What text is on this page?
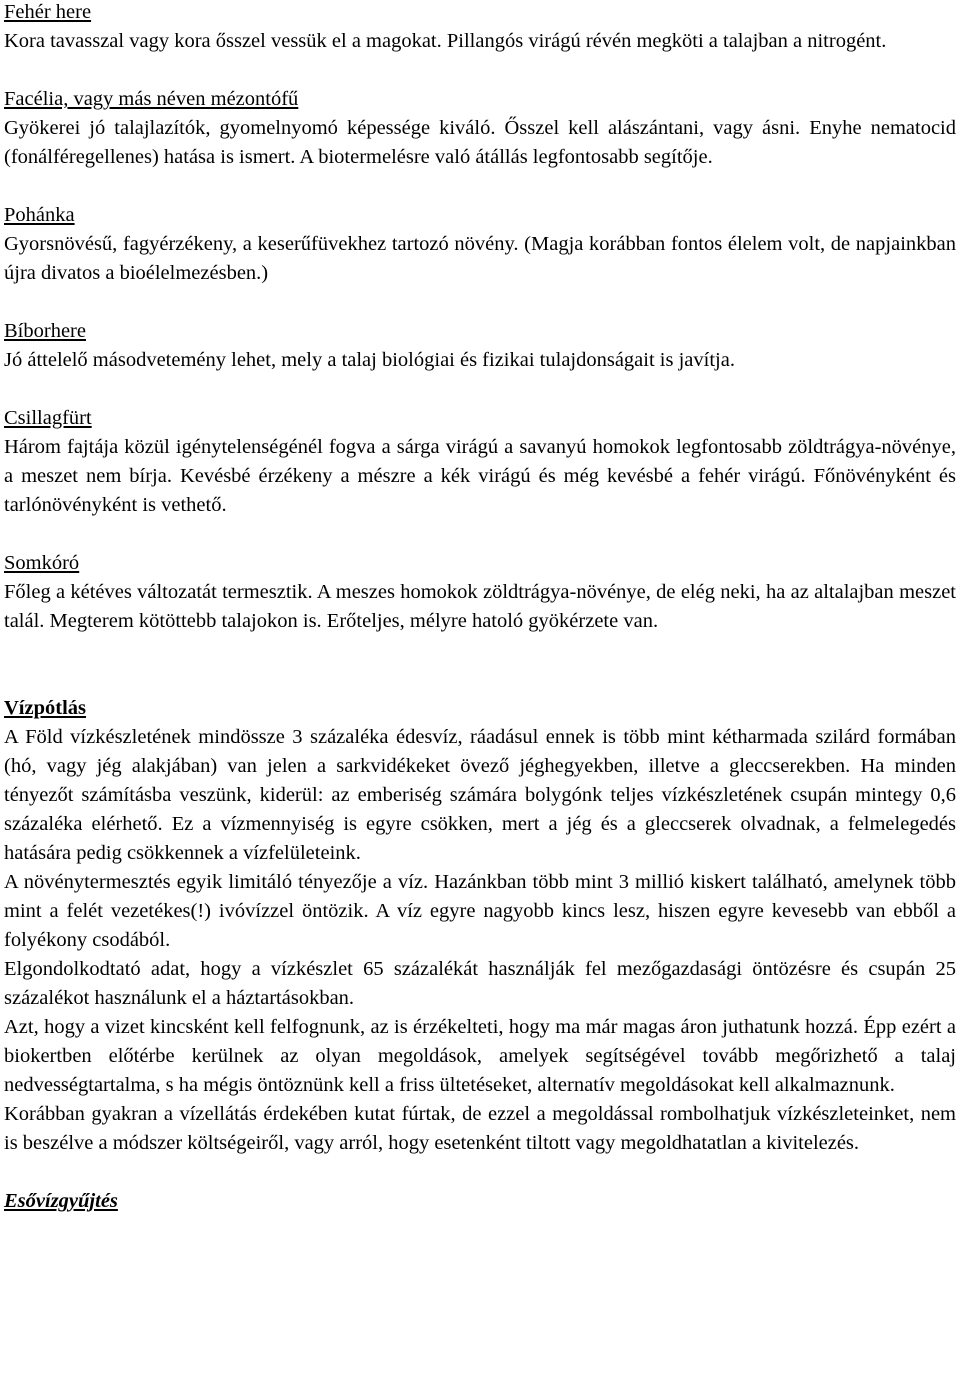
Fehér here

Kora tavasszal vagy kora ősszel vessük el a magokat. Pillangós virágú révén megköti a talajban a nitrogént.

Facélia, vagy más néven mézontófű

Gyökerei jó talajlazítók, gyomelnyomó képessége kiváló. Ősszel kell alászántani, vagy ásni. Enyhe nematocid (fonálféregellenes) hatása is ismert. A biotermelésre való átállás legfontosabb segítője.

Pohánka

Gyorsnövésű, fagyérzékeny, a keserűfüvekhez tartozó növény. (Magja korábban fontos élelem volt, de napjainkban újra divatos a bioélelmezésben.)

Bíborhere

Jó áttelelő másodvetemény lehet, mely a talaj biológiai és fizikai tulajdonságait is javítja.

Csillagfürt

Három fajtája közül igénytelenségénél fogva a sárga virágú a savanyú homokok legfontosabb zöldtrágya-növénye, a meszet nem bírja. Kevésbé érzékeny a mészre a kék virágú és még kevésbé a fehér virágú. Főnövényként és tarlónövényként is vethető.

Somkóró

Főleg a kétéves változatát termesztik. A meszes homokok zöldtrágya-növénye, de elég neki, ha az altalajban meszet talál. Megterem kötöttebb talajokon is. Erőteljes, mélyre hatoló gyökérzete van.

Vízpótlás

A Föld vízkészletének mindössze 3 százaléka édesvíz, ráadásul ennek is több mint kétharmada szilárd formában (hó, vagy jég alakjában) van jelen a sarkvidékeket övező jéghegyekben, illetve a gleccserekben. Ha minden tényezőt számításba veszünk, kiderül: az emberiség számára bolygónk teljes vízkészletének csupán mintegy 0,6 százaléka elérhető. Ez a vízmennyiség is egyre csökken, mert a jég és a gleccserek olvadnak, a felmelegedés hatására pedig csökkennek a vízfelületeink.

A növénytermesztés egyik limitáló tényezője a víz. Hazánkban több mint 3 millió kiskert található, amelynek több mint a felét vezetékes(!) ivóvízzel öntözik. A víz egyre nagyobb kincs lesz, hiszen egyre kevesebb van ebből a folyékony csodából.

Elgondolkodtató adat, hogy a vízkészlet 65 százalékát használják fel mezőgazdasági öntözésre és csupán 25 százalékot használunk el a háztartásokban.

Azt, hogy a vizet kincsként kell felfognunk, az is érzékelteti, hogy ma már magas áron juthatunk hozzá. Épp ezért a biokertben előtérbe kerülnek az olyan megoldások, amelyek segítségével tovább megőrizhető a talaj nedvességtartalma, s ha mégis öntöznünk kell a friss ültetéseket, alternatív megoldásokat kell alkalmaznunk.

Korábban gyakran a vízellátás érdekében kutat fúrtak, de ezzel a megoldással rombolhatjuk vízkészleteinket, nem is beszélve a módszer költségeiről, vagy arról, hogy esetenként tiltott vagy megoldhatatlan a kivitelezés.

Esővízgyűjtés
